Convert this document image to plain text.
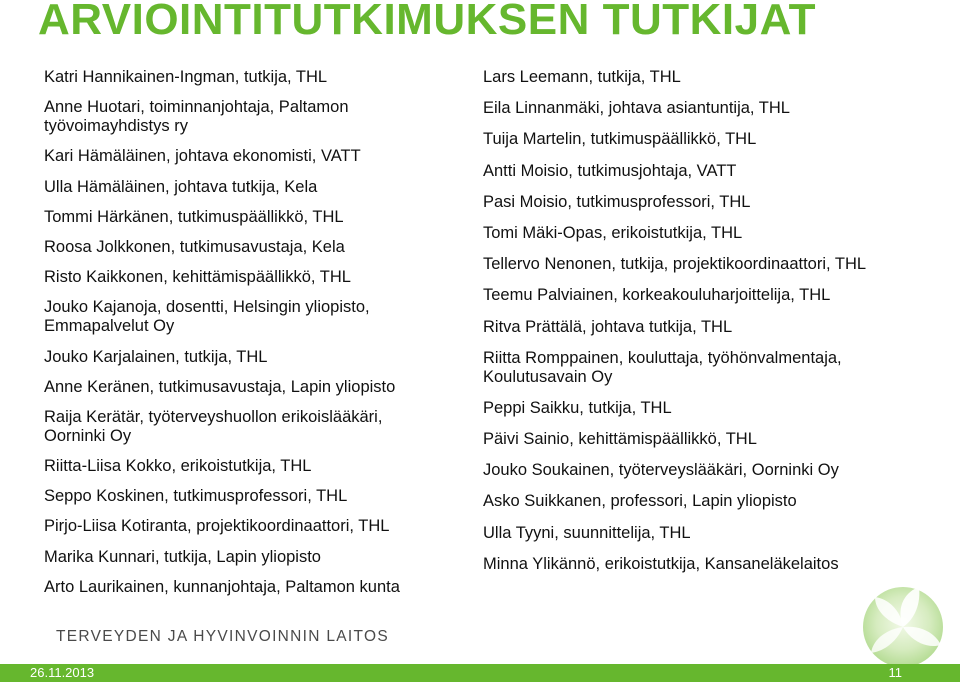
ARVIOINTITUTKIMUKSEN TUTKIJAT

Katri Hannikainen-Ingman, tutkija, THL

Anne Huotari, toiminnanjohtaja, Paltamon työvoimayhdistys ry

Kari Hämäläinen, johtava ekonomisti, VATT

Ulla Hämäläinen, johtava tutkija, Kela

Tommi Härkänen, tutkimuspäällikkö, THL

Roosa Jolkkonen, tutkimusavustaja, Kela

Risto Kaikkonen, kehittämispäällikkö, THL

Jouko Kajanoja, dosentti, Helsingin yliopisto, Emmapalvelut Oy

Jouko Karjalainen, tutkija, THL

Anne Keränen, tutkimusavustaja, Lapin yliopisto

Raija Kerätär, työterveyshuollon erikoislääkäri, Oorninki Oy

Riitta-Liisa Kokko, erikoistutkija, THL

Seppo Koskinen, tutkimusprofessori, THL

Pirjo-Liisa Kotiranta, projektikoordinaattori, THL

Marika Kunnari, tutkija, Lapin yliopisto

Arto Laurikainen, kunnanjohtaja, Paltamon kunta

Lars Leemann, tutkija, THL

Eila Linnanmäki, johtava asiantuntija, THL

Tuija Martelin, tutkimuspäällikkö, THL

Antti Moisio, tutkimusjohtaja, VATT

Pasi Moisio, tutkimusprofessori, THL

Tomi Mäki-Opas, erikoistutkija, THL

Tellervo Nenonen, tutkija, projektikoordinaattori, THL

Teemu Palviainen, korkeakouluharjoittelija, THL

Ritva Prättälä, johtava tutkija, THL

Riitta Romppainen, kouluttaja, työhönvalmentaja, Koulutusavain Oy

Peppi Saikku, tutkija, THL

Päivi Sainio, kehittämispäällikkö, THL

Jouko Soukainen, työterveyslääkäri, Oorninki Oy

Asko Suikkanen, professori, Lapin yliopisto

Ulla Tyyni, suunnittelija, THL

Minna Ylikännö, erikoistutkija, Kansaneläkelaitos

TERVEYDEN JA HYVINVOINNIN LAITOS
26.11.2013	11
